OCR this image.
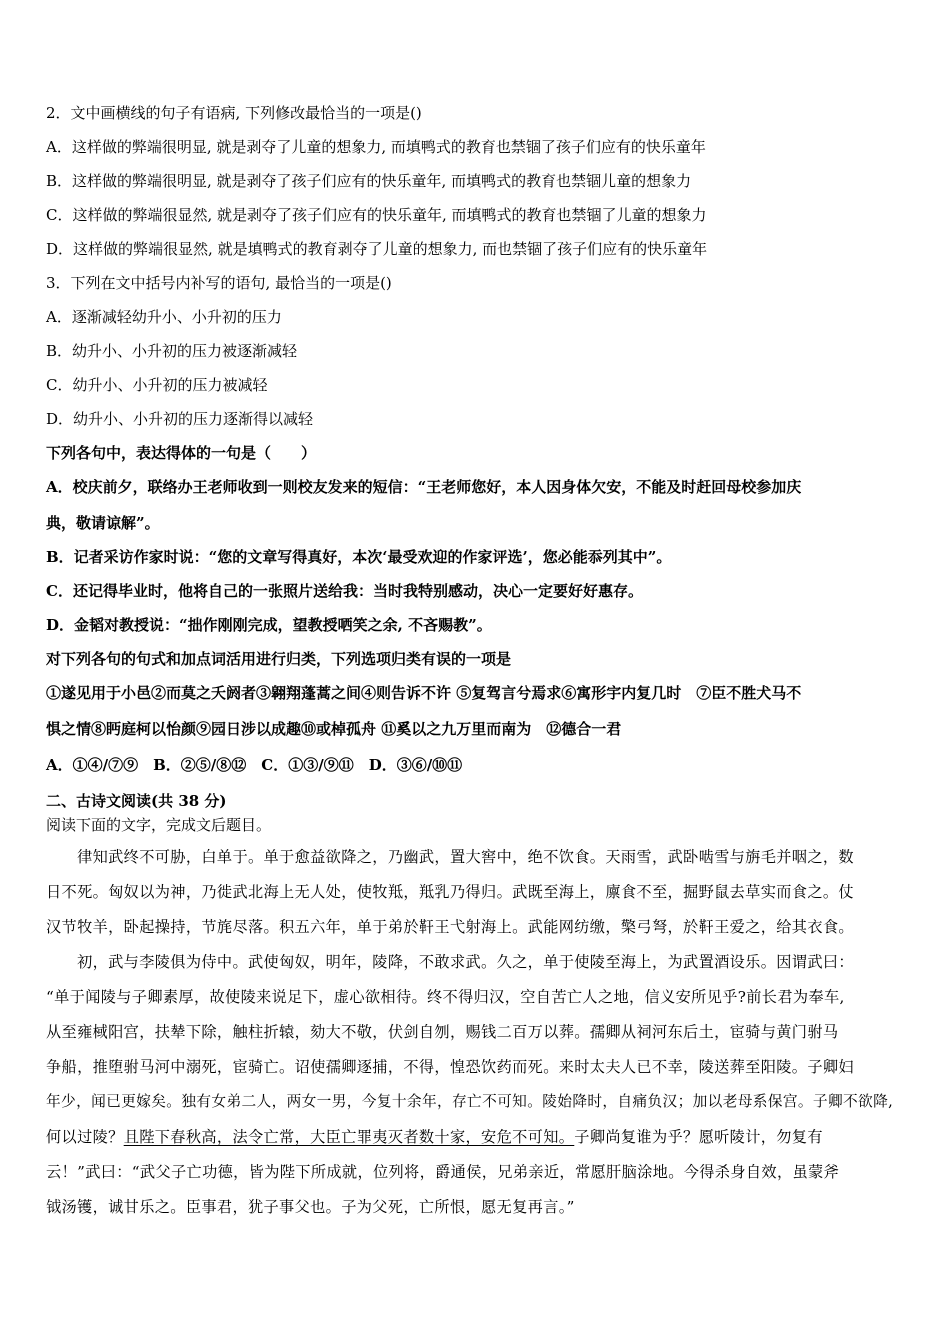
2．文中画横线的句子有语病, 下列修改最恰当的一项是()
A．这样做的弊端很明显, 就是剥夺了儿童的想象力, 而填鸭式的教育也禁锢了孩子们应有的快乐童年
B．这样做的弊端很明显, 就是剥夺了孩子们应有的快乐童年, 而填鸭式的教育也禁锢儿童的想象力
C．这样做的弊端很显然, 就是剥夺了孩子们应有的快乐童年, 而填鸭式的教育也禁锢了儿童的想象力
D．这样做的弊端很显然, 就是填鸭式的教育剥夺了儿童的想象力, 而也禁锢了孩子们应有的快乐童年
3．下列在文中括号内补写的语句, 最恰当的一项是()
A．逐渐减轻幼升小、小升初的压力
B．幼升小、小升初的压力被逐渐减轻
C．幼升小、小升初的压力被减轻
D．幼升小、小升初的压力逐渐得以减轻
下列各句中，表达得体的一句是（　　）
A．校庆前夕，联络办王老师收到一则校友发来的短信：“王老师您好，本人因身体欠安，不能及时赶回母校参加庆
典，敬请谅解”。
B．记者采访作家时说：“您的文章写得真好，本次‘最受欢迎的作家评选’，您必能忝列其中”。
C．还记得毕业时，他将自己的一张照片送给我：当时我特别感动，决心一定要好好惠存。
D．金韬对教授说：“拙作刚刚完成，望教授哂笑之余, 不吝赐教”。
对下列各句的句式和加点词活用进行归类，下列选项归类有误的一项是
①遂见用于小邑②而莫之夭阏者③翱翔蓬蒿之间④则告诉不许 ⑤复驾言兮焉求⑥寓形宇内复几时　⑦臣不胜犬马不
惧之情⑧眄庭柯以怡颜⑨园日涉以成趣⑩或棹孤舟 ⑪奚以之九万里而南为　⑫德合一君
A．①④/⑦⑨　B．②⑤/⑧⑫　C．①③/⑨⑪　D．③⑥/⑩⑪
二、古诗文阅读(共 38 分)
阅读下面的文字，完成文后题目。
　　律知武终不可胁，白单于。单于愈益欲降之，乃幽武，置大窖中，绝不饮食。天雨雪，武卧啮雪与旃毛并咽之，数
日不死。匈奴以为神，乃徙武北海上无人处，使牧羝，羝乳乃得归。武既至海上，廪食不至，掘野鼠去草实而食之。仗
汉节牧羊，卧起操持，节旄尽落。积五六年，单于弟於靬王弋射海上。武能网纺缴，檠弓弩，於靬王爱之，给其衣食。
　　初，武与李陵俱为侍中。武使匈奴，明年，陵降，不敢求武。久之，单于使陵至海上，为武置酒设乐。因谓武曰：
“单于闻陵与子卿素厚，故使陵来说足下，虚心欲相待。终不得归汉，空自苦亡人之地，信义安所见乎?前长君为奉车,
从至雍棫阳宫，扶辇下除，触柱折辕，劾大不敬，伏剑自刎，赐钱二百万以葬。孺卿从祠河东后土，宦骑与黄门驸马
争船，推堕驸马河中溺死，宦骑亡。诏使孺卿逐捕，不得，惶恐饮药而死。来时太夫人已不幸，陵送葬至阳陵。子卿妇
年少，闻已更嫁矣。独有女弟二人，两女一男，今复十余年，存亡不可知。陵始降时，自痛负汉；加以老母系保宫。子卿不欲降,
何以过陵？且陛下春秋高，法令亡常，大臣亡罪夷灭者数十家，安危不可知。子卿尚复谁为乎？愿听陵计，勿复有
云！”武曰：“武父子亡功德，皆为陛下所成就，位列将，爵通侯，兄弟亲近，常愿肝脑涂地。今得杀身自效，虽蒙斧
钺汤镬，诚甘乐之。臣事君，犹子事父也。子为父死，亡所恨，愿无复再言。”
